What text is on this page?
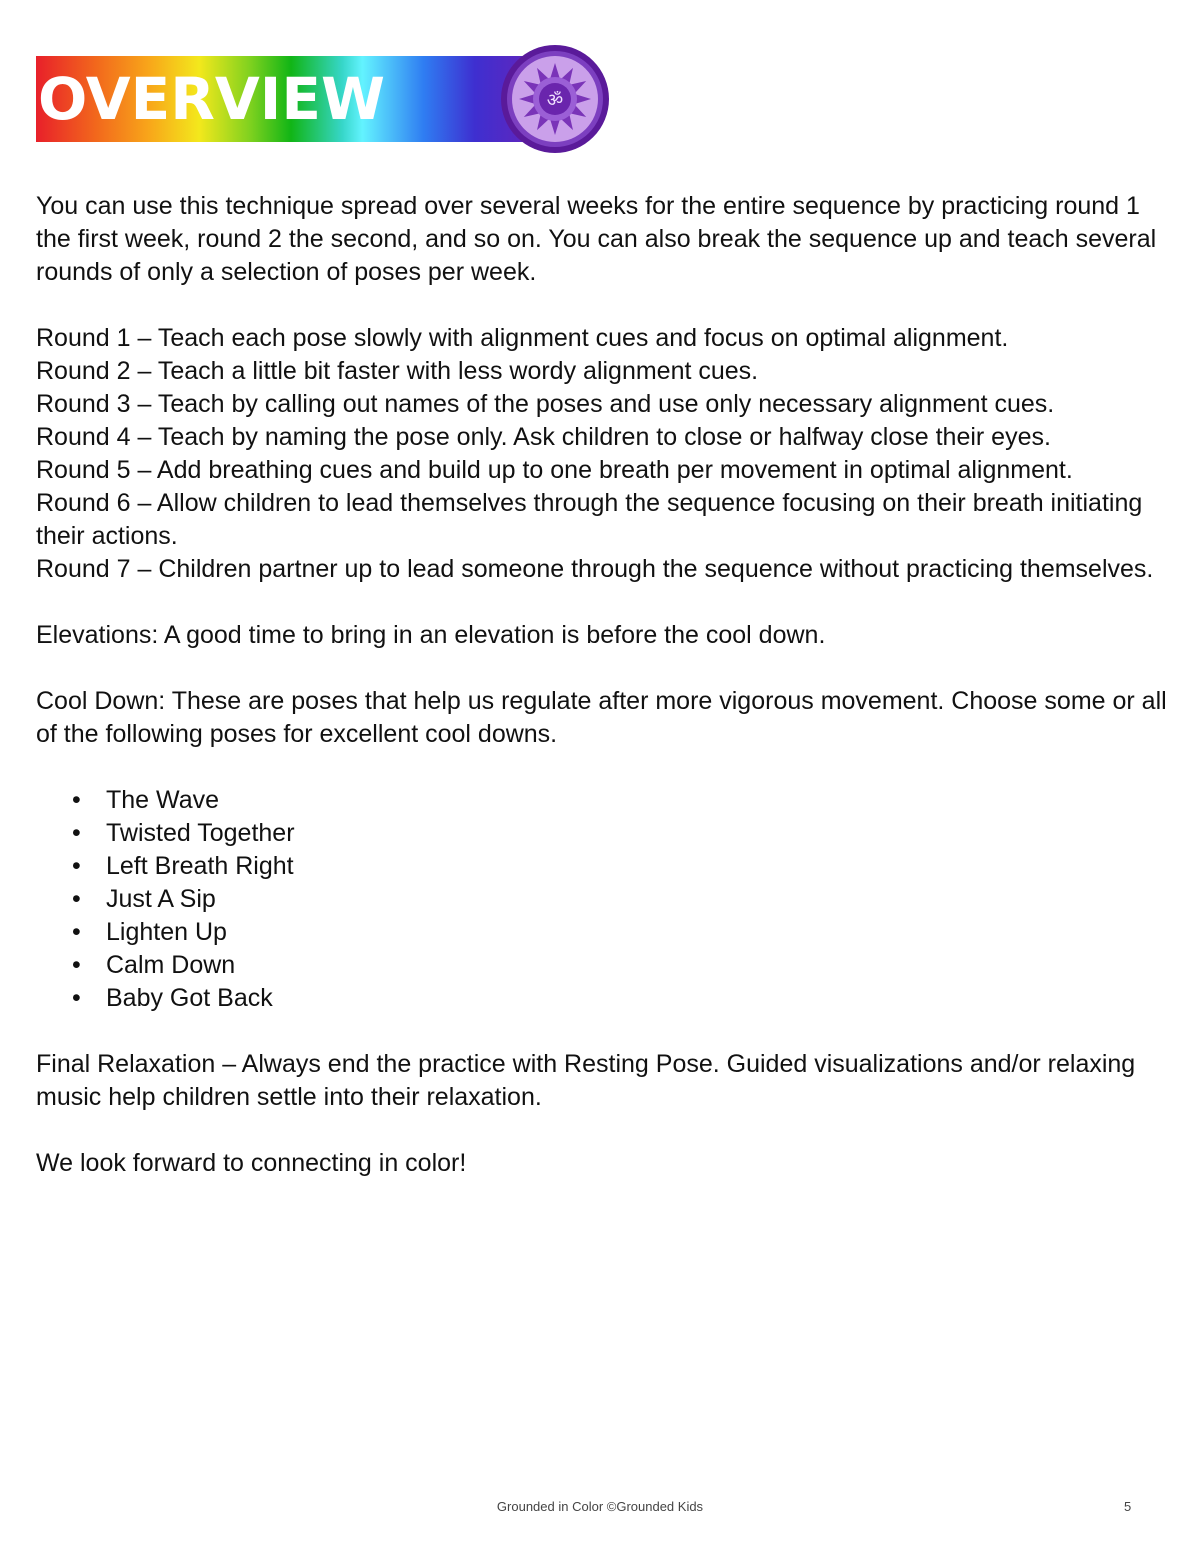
OVERVIEW	ॐ

You can use this technique spread over several weeks for the entire sequence by practicing round 1 the first week, round 2 the second, and so on. You can also break the sequence up and teach several rounds of only a selection of poses per week.

Round 1 – Teach each pose slowly with alignment cues and focus on optimal alignment.

Round 2 – Teach a little bit faster with less wordy alignment cues.

Round 3 – Teach by calling out names of the poses and use only necessary alignment cues.

Round 4 – Teach by naming the pose only. Ask children to close or halfway close their eyes.

Round 5 – Add breathing cues and build up to one breath per movement in optimal alignment.

Round 6 – Allow children to lead themselves through the sequence focusing on their breath initiating their actions.

Round 7 – Children partner up to lead someone through the sequence without practicing themselves.

Elevations: A good time to bring in an elevation is before the cool down.

Cool Down: These are poses that help us regulate after more vigorous movement. Choose some or all of the following poses for excellent cool downs.

• The Wave
• Twisted Together
• Left Breath Right
• Just A Sip
• Lighten Up
• Calm Down
• Baby Got Back

Final Relaxation – Always end the practice with Resting Pose. Guided visualizations and/or relaxing music help children settle into their relaxation.

We look forward to connecting in color!

Grounded in Color ©Grounded Kids	5
